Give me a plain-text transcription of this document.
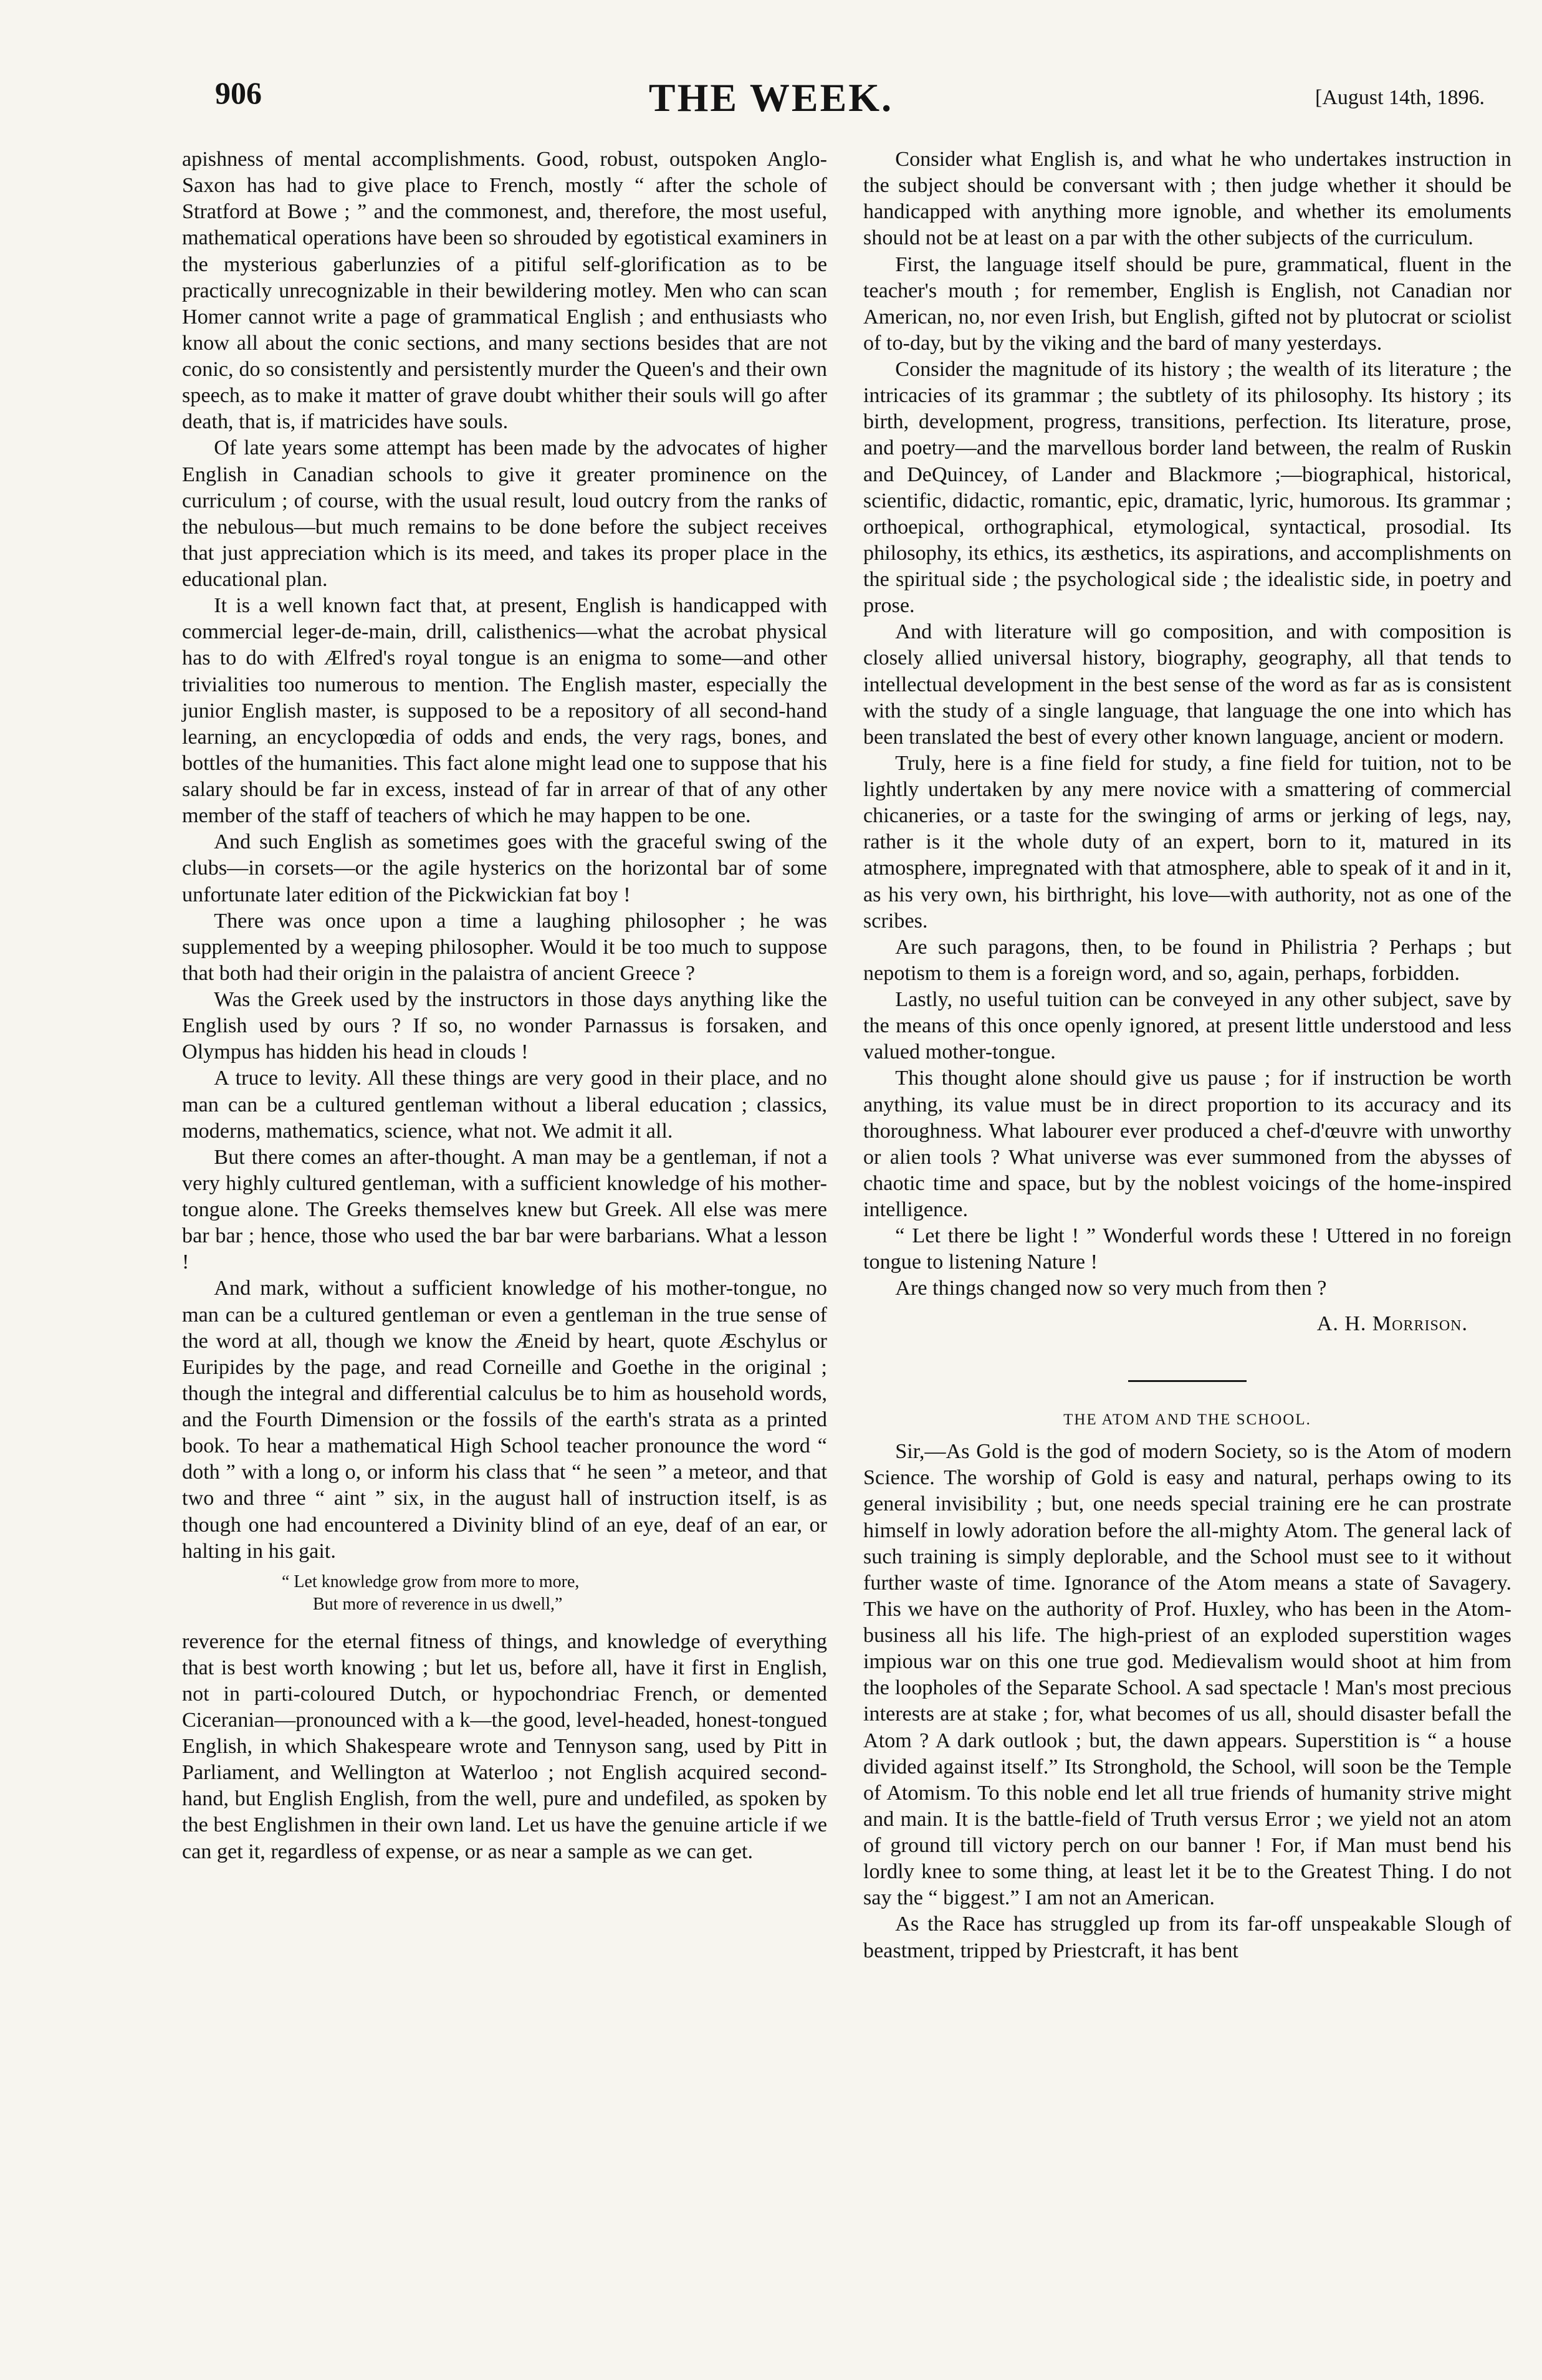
906	THE WEEK.	[August 14th, 1896.

apishness of mental accomplishments. Good, robust, outspoken Anglo-Saxon has had to give place to French, mostly “ after the schole of Stratford at Bowe ; ” and the commonest, and, therefore, the most useful, mathematical operations have been so shrouded by egotistical examiners in the mysterious gaberlunzies of a pitiful self-glorification as to be practically unrecognizable in their bewildering motley. Men who can scan Homer cannot write a page of grammatical English ; and enthusiasts who know all about the conic sections, and many sections besides that are not conic, do so consistently and persistently murder the Queen's and their own speech, as to make it matter of grave doubt whither their souls will go after death, that is, if matricides have souls.

Of late years some attempt has been made by the advocates of higher English in Canadian schools to give it greater prominence on the curriculum ; of course, with the usual result, loud outcry from the ranks of the nebulous—but much remains to be done before the subject receives that just appreciation which is its meed, and takes its proper place in the educational plan.

It is a well known fact that, at present, English is handicapped with commercial leger-de-main, drill, calisthenics—what the acrobat physical has to do with Ælfred's royal tongue is an enigma to some—and other trivialities too numerous to mention. The English master, especially the junior English master, is supposed to be a repository of all second-hand learning, an encyclopœdia of odds and ends, the very rags, bones, and bottles of the humanities. This fact alone might lead one to suppose that his salary should be far in excess, instead of far in arrear of that of any other member of the staff of teachers of which he may happen to be one.

And such English as sometimes goes with the graceful swing of the clubs—in corsets—or the agile hysterics on the horizontal bar of some unfortunate later edition of the Pickwickian fat boy !

There was once upon a time a laughing philosopher ; he was supplemented by a weeping philosopher. Would it be too much to suppose that both had their origin in the palaistra of ancient Greece ?

Was the Greek used by the instructors in those days anything like the English used by ours ? If so, no wonder Parnassus is forsaken, and Olympus has hidden his head in clouds !

A truce to levity. All these things are very good in their place, and no man can be a cultured gentleman without a liberal education ; classics, moderns, mathematics, science, what not. We admit it all.

But there comes an after-thought. A man may be a gentleman, if not a very highly cultured gentleman, with a sufficient knowledge of his mother-tongue alone. The Greeks themselves knew but Greek. All else was mere bar bar ; hence, those who used the bar bar were barbarians. What a lesson !

And mark, without a sufficient knowledge of his mother-tongue, no man can be a cultured gentleman or even a gentleman in the true sense of the word at all, though we know the Æneid by heart, quote Æschylus or Euripides by the page, and read Corneille and Goethe in the original ; though the integral and differential calculus be to him as household words, and the Fourth Dimension or the fossils of the earth's strata as a printed book. To hear a mathematical High School teacher pronounce the word “ doth ” with a long o, or inform his class that “ he seen ” a meteor, and that two and three “ aint ” six, in the august hall of instruction itself, is as though one had encountered a Divinity blind of an eye, deaf of an ear, or halting in his gait.

“ Let knowledge grow from more to more,
But more of reverence in us dwell,”

reverence for the eternal fitness of things, and knowledge of everything that is best worth knowing ; but let us, before all, have it first in English, not in parti-coloured Dutch, or hypochondriac French, or demented Ciceranian—pronounced with a k—the good, level-headed, honest-tongued English, in which Shakespeare wrote and Tennyson sang, used by Pitt in Parliament, and Wellington at Waterloo ; not English acquired second-hand, but English English, from the well, pure and undefiled, as spoken by the best Englishmen in their own land. Let us have the genuine article if we can get it, regardless of expense, or as near a sample as we can get.

Consider what English is, and what he who undertakes instruction in the subject should be conversant with ; then judge whether it should be handicapped with anything more ignoble, and whether its emoluments should not be at least on a par with the other subjects of the curriculum.

First, the language itself should be pure, grammatical, fluent in the teacher's mouth ; for remember, English is English, not Canadian nor American, no, nor even Irish, but English, gifted not by plutocrat or sciolist of to-day, but by the viking and the bard of many yesterdays.

Consider the magnitude of its history ; the wealth of its literature ; the intricacies of its grammar ; the subtlety of its philosophy. Its history ; its birth, development, progress, transitions, perfection. Its literature, prose, and poetry—and the marvellous border land between, the realm of Ruskin and DeQuincey, of Lander and Blackmore ;—biographical, historical, scientific, didactic, romantic, epic, dramatic, lyric, humorous. Its grammar ; orthoepical, orthographical, etymological, syntactical, prosodial. Its philosophy, its ethics, its æsthetics, its aspirations, and accomplishments on the spiritual side ; the psychological side ; the idealistic side, in poetry and prose.

And with literature will go composition, and with composition is closely allied universal history, biography, geography, all that tends to intellectual development in the best sense of the word as far as is consistent with the study of a single language, that language the one into which has been translated the best of every other known language, ancient or modern.

Truly, here is a fine field for study, a fine field for tuition, not to be lightly undertaken by any mere novice with a smattering of commercial chicaneries, or a taste for the swinging of arms or jerking of legs, nay, rather is it the whole duty of an expert, born to it, matured in its atmosphere, impregnated with that atmosphere, able to speak of it and in it, as his very own, his birthright, his love—with authority, not as one of the scribes.

Are such paragons, then, to be found in Philistria ? Perhaps ; but nepotism to them is a foreign word, and so, again, perhaps, forbidden.

Lastly, no useful tuition can be conveyed in any other subject, save by the means of this once openly ignored, at present little understood and less valued mother-tongue.

This thought alone should give us pause ; for if instruction be worth anything, its value must be in direct proportion to its accuracy and its thoroughness. What labourer ever produced a chef-d'œuvre with unworthy or alien tools ? What universe was ever summoned from the abysses of chaotic time and space, but by the noblest voicings of the home-inspired intelligence.

“ Let there be light ! ” Wonderful words these ! Uttered in no foreign tongue to listening Nature !

Are things changed now so very much from then ?

A. H. Morrison.
THE ATOM AND THE SCHOOL.

Sir,—As Gold is the god of modern Society, so is the Atom of modern Science. The worship of Gold is easy and natural, perhaps owing to its general invisibility ; but, one needs special training ere he can prostrate himself in lowly adoration before the all-mighty Atom. The general lack of such training is simply deplorable, and the School must see to it without further waste of time. Ignorance of the Atom means a state of Savagery. This we have on the authority of Prof. Huxley, who has been in the Atom-business all his life. The high-priest of an exploded superstition wages impious war on this one true god. Medievalism would shoot at him from the loopholes of the Separate School. A sad spectacle ! Man's most precious interests are at stake ; for, what becomes of us all, should disaster befall the Atom ? A dark outlook ; but, the dawn appears. Superstition is “ a house divided against itself.” Its Stronghold, the School, will soon be the Temple of Atomism. To this noble end let all true friends of humanity strive might and main. It is the battle-field of Truth versus Error ; we yield not an atom of ground till victory perch on our banner ! For, if Man must bend his lordly knee to some thing, at least let it be to the Greatest Thing. I do not say the “ biggest.” I am not an American.

As the Race has struggled up from its far-off unspeakable Slough of beastment, tripped by Priestcraft, it has bent
